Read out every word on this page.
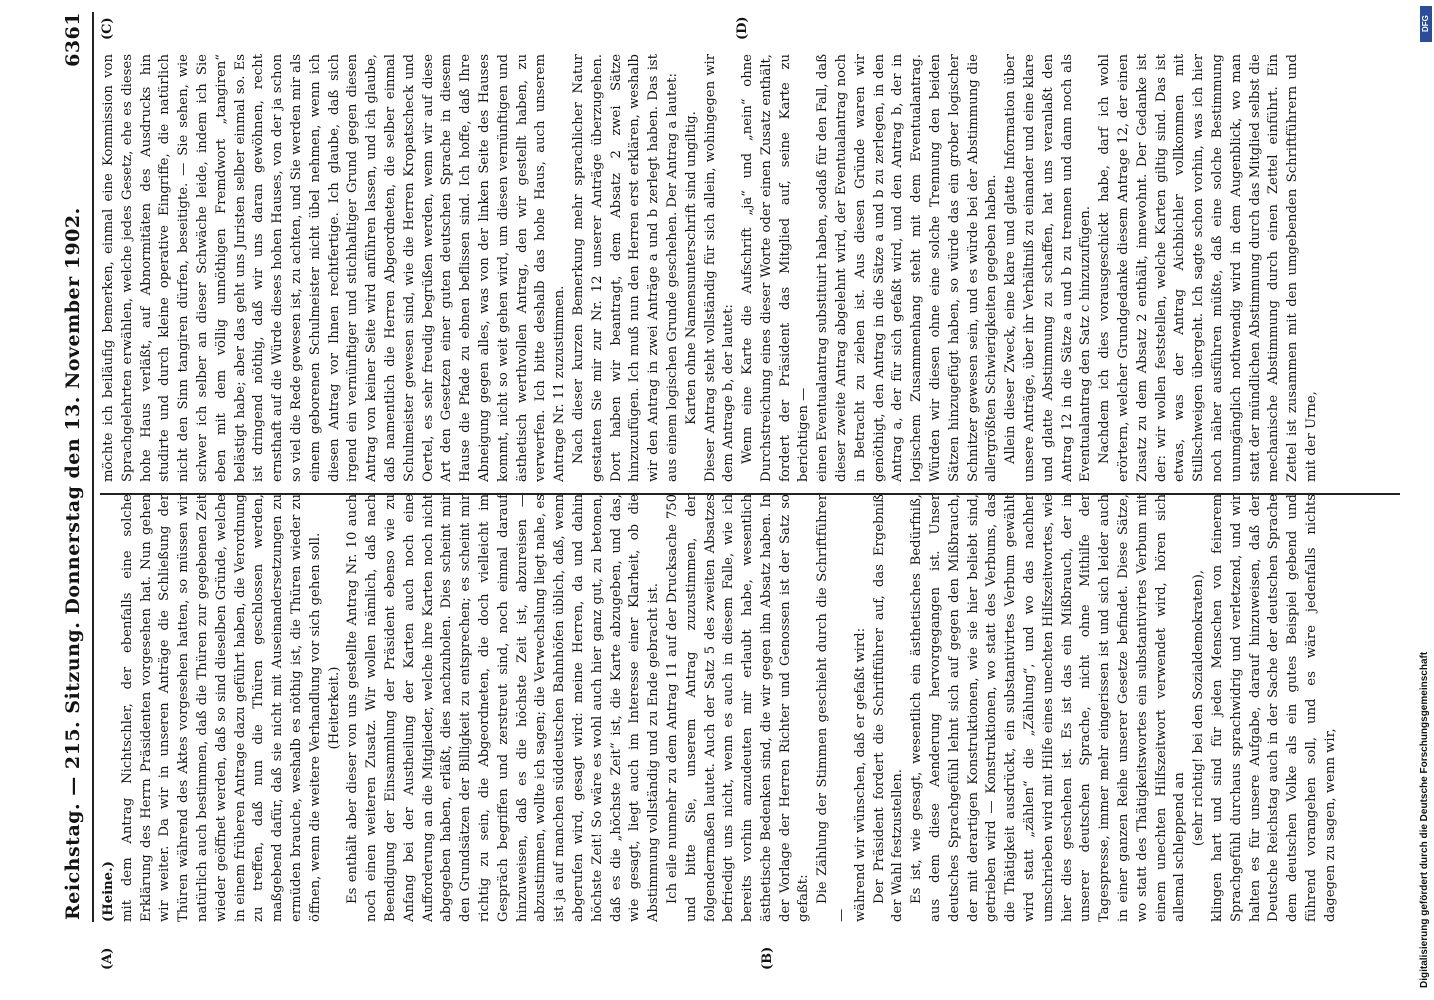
Reichstag. — 215. Sitzung. Donnerstag den 13. November 1902.
6361
(A)	(B)
(C)	(D)

(Heine.) mit dem Antrag Nichtschler, der ebenfalls eine solche Erklärung des Herrn Präsidenten vorgesehen hat. Nun gehen wir weiter. Da wir in unseren Anträge die Schließung der Thüren während des Aktes vorgesehen hatten, so müssen wir natürlich auch bestimmen, daß die Thüren zur gegebenen Zeit wieder geöffnet werden, daß so sind dieselben Gründe, welche in einem früheren Antrage dazu geführt haben, die Verordnung zu treffen, daß nun die Thüren geschlossen werden, maßgebend dafür, daß sie nicht mit Auseinandersetzungen zu ermüden brauche, weshalb es nöthig ist, die Thüren wieder zu öffnen, wenn die weitere Verhandlung vor sich gehen soll. (Heiterkeit.) Es enthält aber dieser von uns gestellte Antrag Nr. 10 auch noch einen weiteren Zusatz. Wir wollen nämlich, daß nach Beendigung der Einsammlung der Präsident ebenso wie zu Anfang bei der Austheilung der Karten auch noch eine Aufforderung an die Mitglieder, welche ihre Karten noch nicht abgegeben haben, erläßt, dies nachzuholen. Dies scheint mir den Grundsätzen der Billigkeit zu entsprechen; es scheint mir richtig zu sein, die Abgeordneten, die doch vielleicht im Gespräch begriffen und zerstreut sind, noch einmal darauf hinzuweisen, daß es die höchste Zeit ist, abzureisen — abzustimmen, wollte ich sagen; die Verwechslung liegt nahe, es ist ja auf manchen süddeutschen Bahnhöfen üblich, daß, wenn abgerufen wird, gesagt wird: meine Herren, da und dahin höchste Zeit! So wäre es wohl auch hier ganz gut, zu betonen, daß es die „höchste Zeit“ ist, die Karte abzugeben, und das, wie gesagt, liegt auch im Interesse einer Klarheit, ob die Abstimmung vollständig und zu Ende gebracht ist. Ich eile nunmehr zu dem Antrag 11 auf der Drucksache 750 und bitte Sie, unserem Antrag zuzustimmen, der folgendermaßen lautet. Auch der Satz 5 des zweiten Absatzes befriedigt uns nicht, wenn es auch in diesem Falle, wie ich bereits vorhin anzudeuten mir erlaubt habe, wesentlich ästhetische Bedenken sind, die wir gegen ihn Absatz haben. In der Vorlage der Herren Richter und Genossen ist der Satz so gefaßt: Die Zählung der Stimmen geschieht durch die Schriftführer — während wir wünschen, daß er gefaßt wird: Der Präsident fordert die Schriftführer auf, das Ergebniß der Wahl festzustellen. Es ist, wie gesagt, wesentlich ein ästhetisches Bedürfniß, aus dem diese Aenderung hervorgegangen ist. Unser deutsches Sprachgefühl lehnt sich auf gegen den Mißbrauch, der mit derartigen Konstruktionen, wie sie hier beliebt sind, getrieben wird — Konstruktionen, wo statt des Verbums, das die Thätigkeit ausdrückt, ein substantivirtes Verbum gewählt wird statt „zählen“ die „Zählung“, und wo das nachher umschrieben wird mit Hilfe eines unechten Hilfszeitwortes, wie hier dies geschehen ist. Es ist das ein Mißbrauch, der in unserer deutschen Sprache, nicht ohne Mithilfe der Tagespresse, immer mehr eingerissen ist und sich leider auch in einer ganzen Reihe unserer Gesetze befindet. Diese Sätze, wo statt des Thätigkeitswortes ein substantivirtes Verbum mit einem unechten Hilfszeitwort verwendet wird, hören sich allemal schleppend an

(sehr richtig! bei den Sozialdemokraten), klingen hart und sind für jeden Menschen von feinerem Sprachgefühl durchaus sprachwidrig und verletzend, und wir halten es für unsere Aufgabe, darauf hinzuweisen, daß der Deutsche Reichstag auch in der Sache der deutschen Sprache dem deutschen Volke als ein gutes Beispiel gebend und führend vorangehen soll, und es wäre jedenfalls nichts dagegen zu sagen, wenn wir,

möchte ich beiläufig bemerken, einmal eine Kommission von Sprachgelehrten erwählen, welche jedes Gesetz, ehe es dieses hohe Haus verläßt, auf Abnormitäten des Ausdrucks hin studirte und durch kleine operative Eingriffe, die natürlich nicht den Sinn tangiren dürfen, beseitigte. — Sie sehen, wie schwer ich selber an dieser Schwäche leide, indem ich Sie eben mit dem völlig unnöthigen Fremdwort „tangiren“ belästigt habe; aber das geht uns Juristen selber einmal so. Es ist dringend nöthig, daß wir uns daran gewöhnen, recht ernsthaft auf die Würde dieses hohen Hauses, von der ja schon so viel die Rede gewesen ist, zu achten, und Sie werden mir als einem geborenen Schulmeister nicht übel nehmen, wenn ich diesen Antrag vor Ihnen rechtfertige. Ich glaube, daß sich irgend ein vernünftiger und stichhaltiger Grund gegen diesen Antrag von keiner Seite wird anführen lassen, und ich glaube, daß namentlich die Herren Abgeordneten, die selber einmal Schulmeister gewesen sind, wie die Herren Kropatscheck und Oertel, es sehr freudig begrüßen werden, wenn wir auf diese Art den Gesetzen einer guten deutschen Sprache in diesem Hause die Pfade zu ebnen beflissen sind. Ich hoffe, daß Ihre Abneigung gegen alles, was von der linken Seite des Hauses kommt, nicht so weit gehen wird, um diesen vernünftigen und ästhetisch werthvollen Antrag, den wir gestellt haben, zu verwerfen. Ich bitte deshalb das hohe Haus, auch unserem Antrage Nr. 11 zuzustimmen. Nach dieser kurzen Bemerkung mehr sprachlicher Natur gestatten Sie mir zur Nr. 12 unserer Anträge überzugehen. Dort haben wir beantragt, dem Absatz 2 zwei Sätze hinzuzufügen. Ich muß nun den Herren erst erklären, weshalb wir den Antrag in zwei Anträge a und b zerlegt haben. Das ist aus einem logischen Grunde geschehen. Der Antrag a lautet: Karten ohne Namensunterschrift sind ungiltig. Dieser Antrag steht vollständig für sich allein, wohingegen wir dem Antrage b, der lautet: Wenn eine Karte die Aufschrift „ja“ und „nein“ ohne Durchstreichung eines dieser Worte oder einen Zusatz enthält, fordert der Präsident das Mitglied auf, seine Karte zu berichtigen — einen Eventualantrag substituirt haben, sodaß für den Fall, daß dieser zweite Antrag abgelehnt wird, der Eventualantrag noch in Betracht zu ziehen ist. Aus diesen Gründe waren wir genöthigt, den Antrag in die Sätze a und b zu zerlegen, in den Antrag a, der für sich gefaßt wird, und den Antrag b, der in logischem Zusammenhang steht mit dem Eventualantrag. Würden wir diesen ohne eine solche Trennung den beiden Sätzen hinzugefügt haben, so würde das ein grober logischer Schnitzer gewesen sein, und es würde bei der Abstimmung die allergrößten Schwierigkeiten gegeben haben. Allein dieser Zweck, eine klare und glatte Information über unsere Anträge, über ihr Verhältniß zu einander und eine klare und glatte Abstimmung zu schaffen, hat uns veranlaßt den Antrag 12 in die Sätze a und b zu trennen und dann noch als Eventualantrag den Satz c hinzuzufügen. Nachdem ich dies vorausgeschickt habe, darf ich wohl erörtern, welcher Grundgedanke diesem Antrage 12, der einen Zusatz zu dem Absatz 2 enthält, innewohnt. Der Gedanke ist der: wir wollen feststellen, welche Karten giltig sind. Das ist etwas, was der Antrag Aichbichler vollkommen mit Stillschweigen übergeht. Ich sagte schon vorhin, was ich hier noch näher ausführen müßte, daß eine solche Bestimmung unumgänglich nothwendig wird in dem Augenblick, wo man statt der mündlichen Abstimmung durch das Mitglied selbst die mechanische Abstimmung durch einen Zettel einführt. Ein Zettel ist zusammen mit den umgebenden Schriftführern und mit der Urne,

DFG
Digitalisierung gefördert durch die Deutsche Forschungsgemeinschaft
